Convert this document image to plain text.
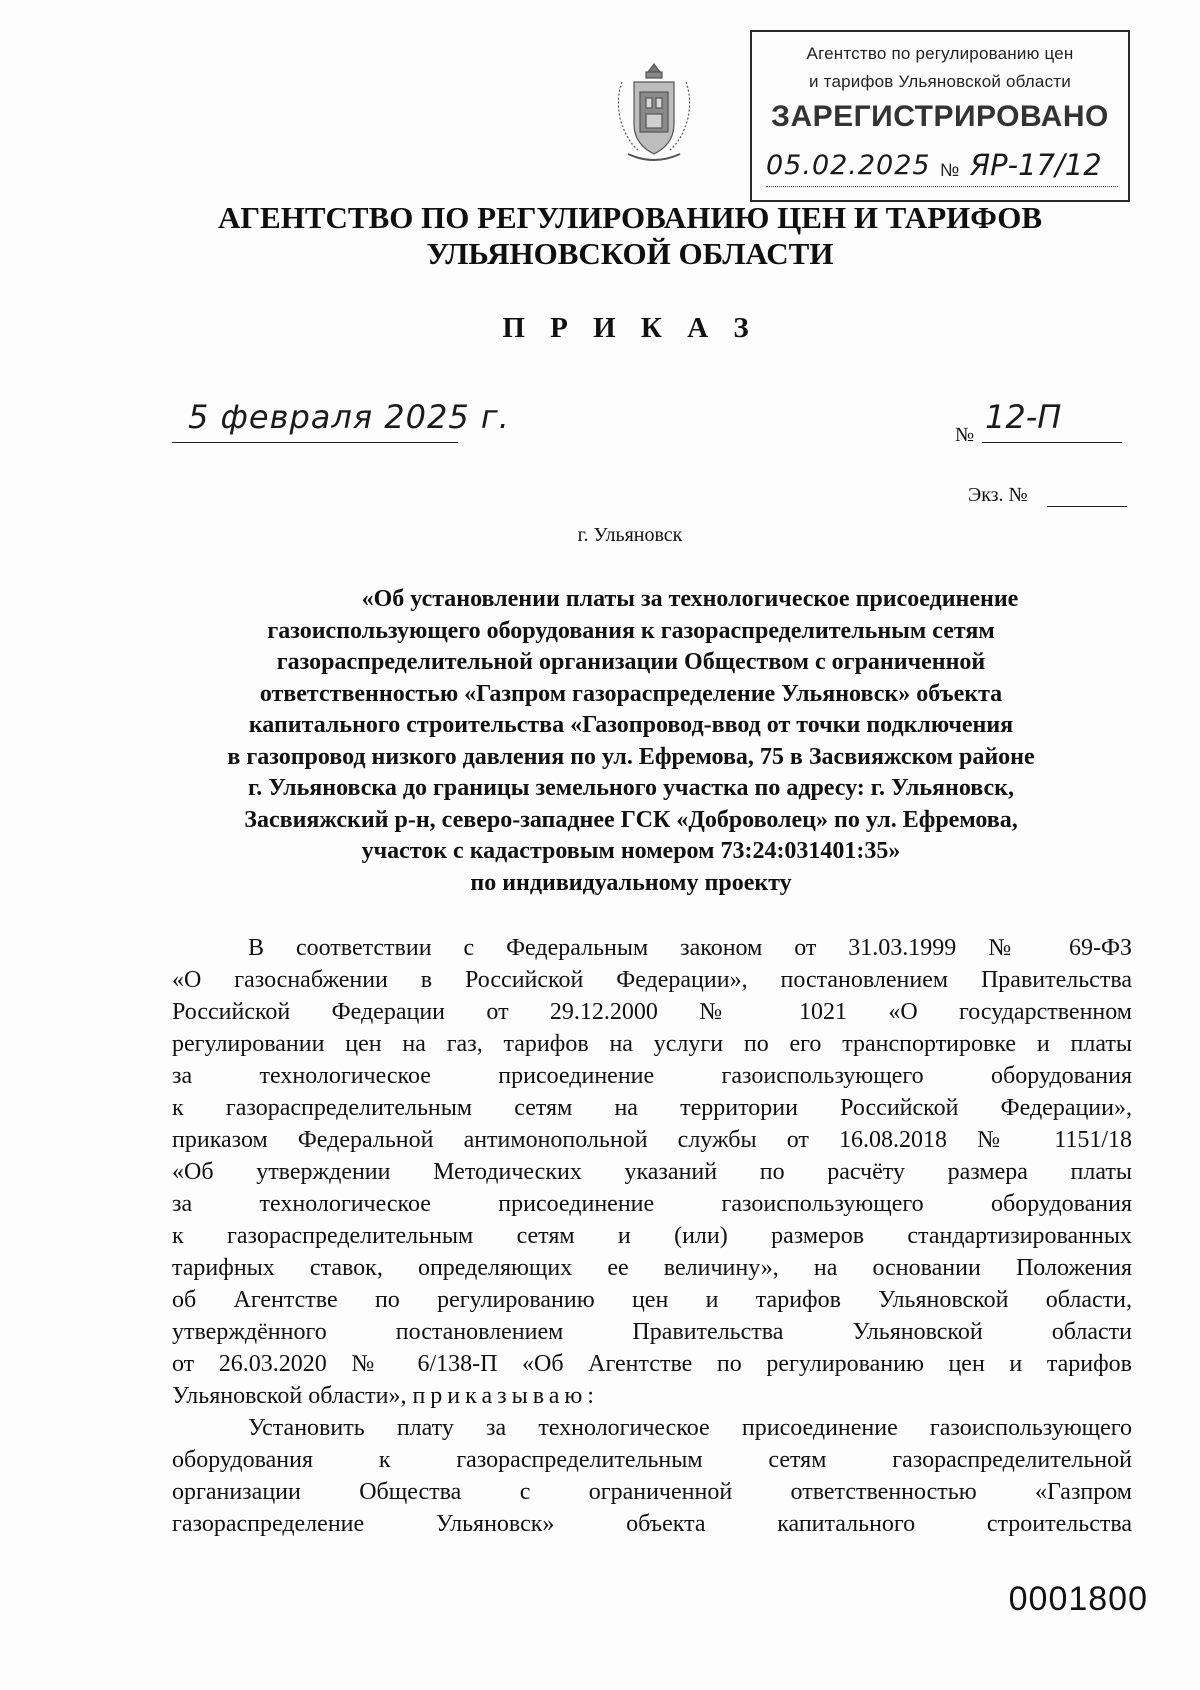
Агентство по регулированию цен
и тарифов Ульяновской области
ЗАРЕГИСТРИРОВАНО
05.02.2025 № ЯР-17/12
АГЕНТСТВО ПО РЕГУЛИРОВАНИЮ ЦЕН И ТАРИФОВ
УЛЬЯНОВСКОЙ ОБЛАСТИ
П Р И К А З
5 февраля 2025 г.	№ 12-П
Экз. №
г. Ульяновск
«Об установлении платы за технологическое присоединение
газоиспользующего оборудования к газораспределительным сетям
газораспределительной организации Обществом с ограниченной
ответственностью «Газпром газораспределение Ульяновск» объекта
капитального строительства «Газопровод-ввод от точки подключения
в газопровод низкого давления по ул. Ефремова, 75 в Засвияжском районе
г. Ульяновска до границы земельного участка по адресу: г. Ульяновск,
Засвияжский р-н, северо-западнее ГСК «Доброволец» по ул. Ефремова,
участок с кадастровым номером 73:24:031401:35»
по индивидуальному проекту
В соответствии с Федеральным законом от 31.03.1999 № 69-ФЗ
«О газоснабжении в Российской Федерации», постановлением Правительства
Российской Федерации от 29.12.2000 № 1021 «О государственном
регулировании цен на газ, тарифов на услуги по его транспортировке и платы
за технологическое присоединение газоиспользующего оборудования
к газораспределительным сетям на территории Российской Федерации»,
приказом Федеральной антимонопольной службы от 16.08.2018 № 1151/18
«Об утверждении Методических указаний по расчёту размера платы
за технологическое присоединение газоиспользующего оборудования
к газораспределительным сетям и (или) размеров стандартизированных
тарифных ставок, определяющих ее величину», на основании Положения
об Агентстве по регулированию цен и тарифов Ульяновской области,
утверждённого постановлением Правительства Ульяновской области
от 26.03.2020 № 6/138-П «Об Агентстве по регулированию цен и тарифов
Ульяновской области», приказываю:
Установить плату за технологическое присоединение газоиспользующего
оборудования к газораспределительным сетям газораспределительной
организации Общества с ограниченной ответственностью «Газпром
газораспределение Ульяновск» объекта капитального строительства
0001800
